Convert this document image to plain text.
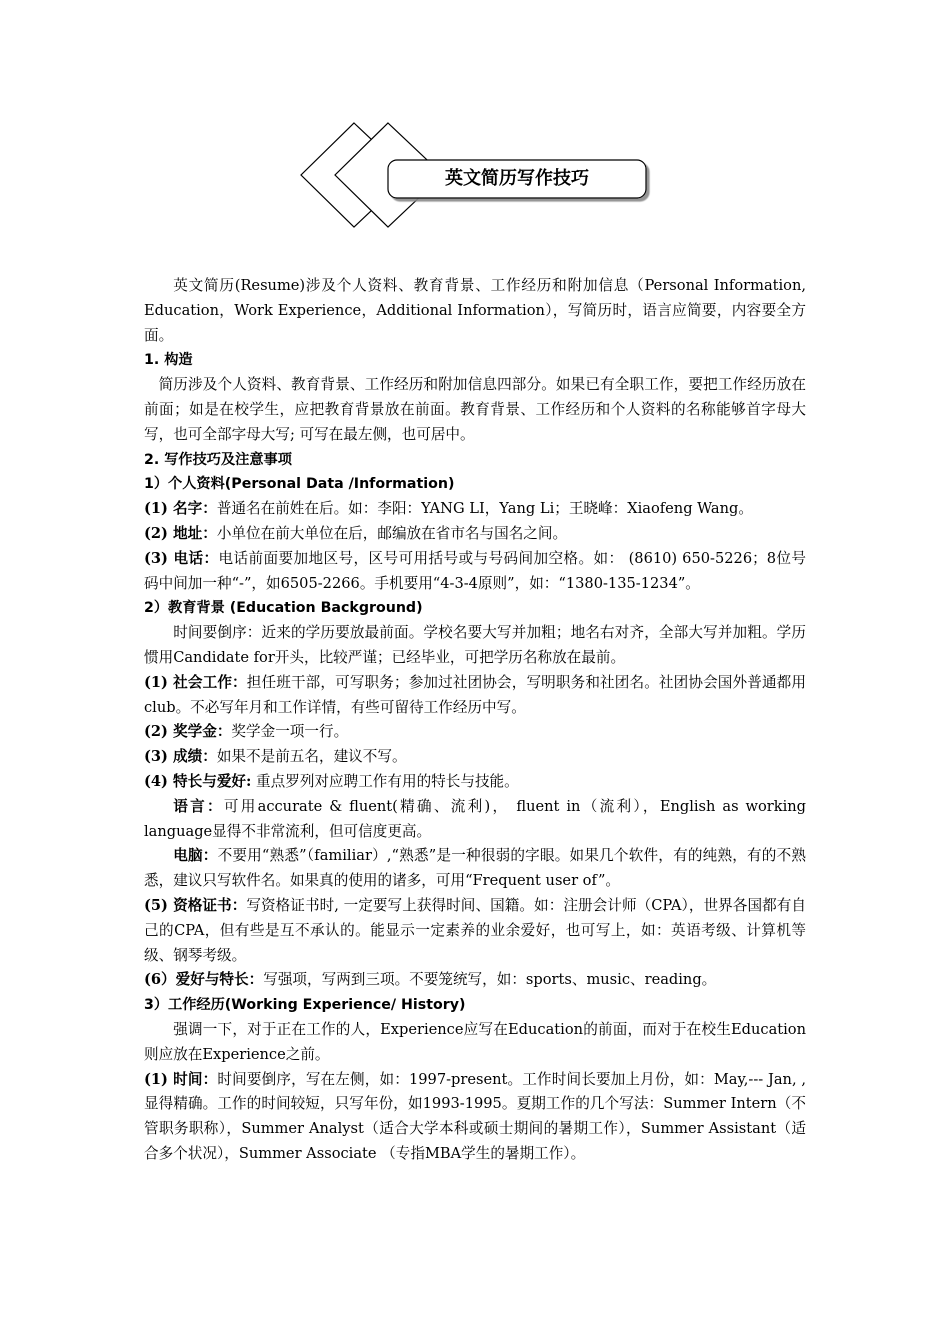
英文简历写作技巧

英文简历(Resume)涉及个人资料、教育背景、工作经历和附加信息（Personal Information, Education，Work Experience，Additional Information），写简历时，语言应简要，内容要全方面。

1. 构造

简历涉及个人资料、教育背景、工作经历和附加信息四部分。如果已有全职工作，要把工作经历放在前面；如是在校学生，应把教育背景放在前面。教育背景、工作经历和个人资料的名称能够首字母大写，也可全部字母大写; 可写在最左侧，也可居中。

2. 写作技巧及注意事项

1）个人资料(Personal Data /Information)

(1) 名字：普通名在前姓在后。如：李阳：YANG LI，Yang Li；王晓峰：Xiaofeng Wang。

(2) 地址：小单位在前大单位在后，邮编放在省市名与国名之间。

(3) 电话：电话前面要加地区号，区号可用括号或与号码间加空格。如： (8610) 650-5226；8位号码中间加一种“-”，如6505-2266。手机要用“4-3-4原则”，如：“1380-135-1234”。

2）教育背景 (Education Background)

时间要倒序：近来的学历要放最前面。学校名要大写并加粗；地名右对齐，全部大写并加粗。学历惯用Candidate for开头，比较严谨；已经毕业，可把学历名称放在最前。

(1) 社会工作：担任班干部，可写职务；参加过社团协会，写明职务和社团名。社团协会国外普通都用club。不必写年月和工作详情，有些可留待工作经历中写。

(2) 奖学金：奖学金一项一行。

(3) 成绩：如果不是前五名，建议不写。

(4) 特长与爱好: 重点罗列对应聘工作有用的特长与技能。

语言：可用accurate & fluent(精确、流利)， fluent in（流利），English as working language显得不非常流利，但可信度更高。

电脑：不要用“熟悉”（familiar）,“熟悉”是一种很弱的字眼。如果几个软件，有的纯熟，有的不熟悉，建议只写软件名。如果真的使用的诸多，可用“Frequent user of”。

(5) 资格证书：写资格证书时, 一定要写上获得时间、国籍。如：注册会计师（CPA），世界各国都有自己的CPA，但有些是互不承认的。能显示一定素养的业余爱好，也可写上，如：英语考级、计算机等级、钢琴考级。

(6）爱好与特长：写强项，写两到三项。不要笼统写，如：sports、music、reading。

3）工作经历(Working Experience/ History)

强调一下，对于正在工作的人，Experience应写在Education的前面，而对于在校生Education则应放在Experience之前。

(1) 时间：时间要倒序，写在左侧，如：1997-present。工作时间长要加上月份，如：May,--- Jan, , 显得精确。工作的时间较短，只写年份，如1993-1995。夏期工作的几个写法：Summer Intern（不管职务职称），Summer Analyst（适合大学本科或硕士期间的暑期工作），Summer Assistant（适合多个状况），Summer Associate （专指MBA学生的暑期工作）。
